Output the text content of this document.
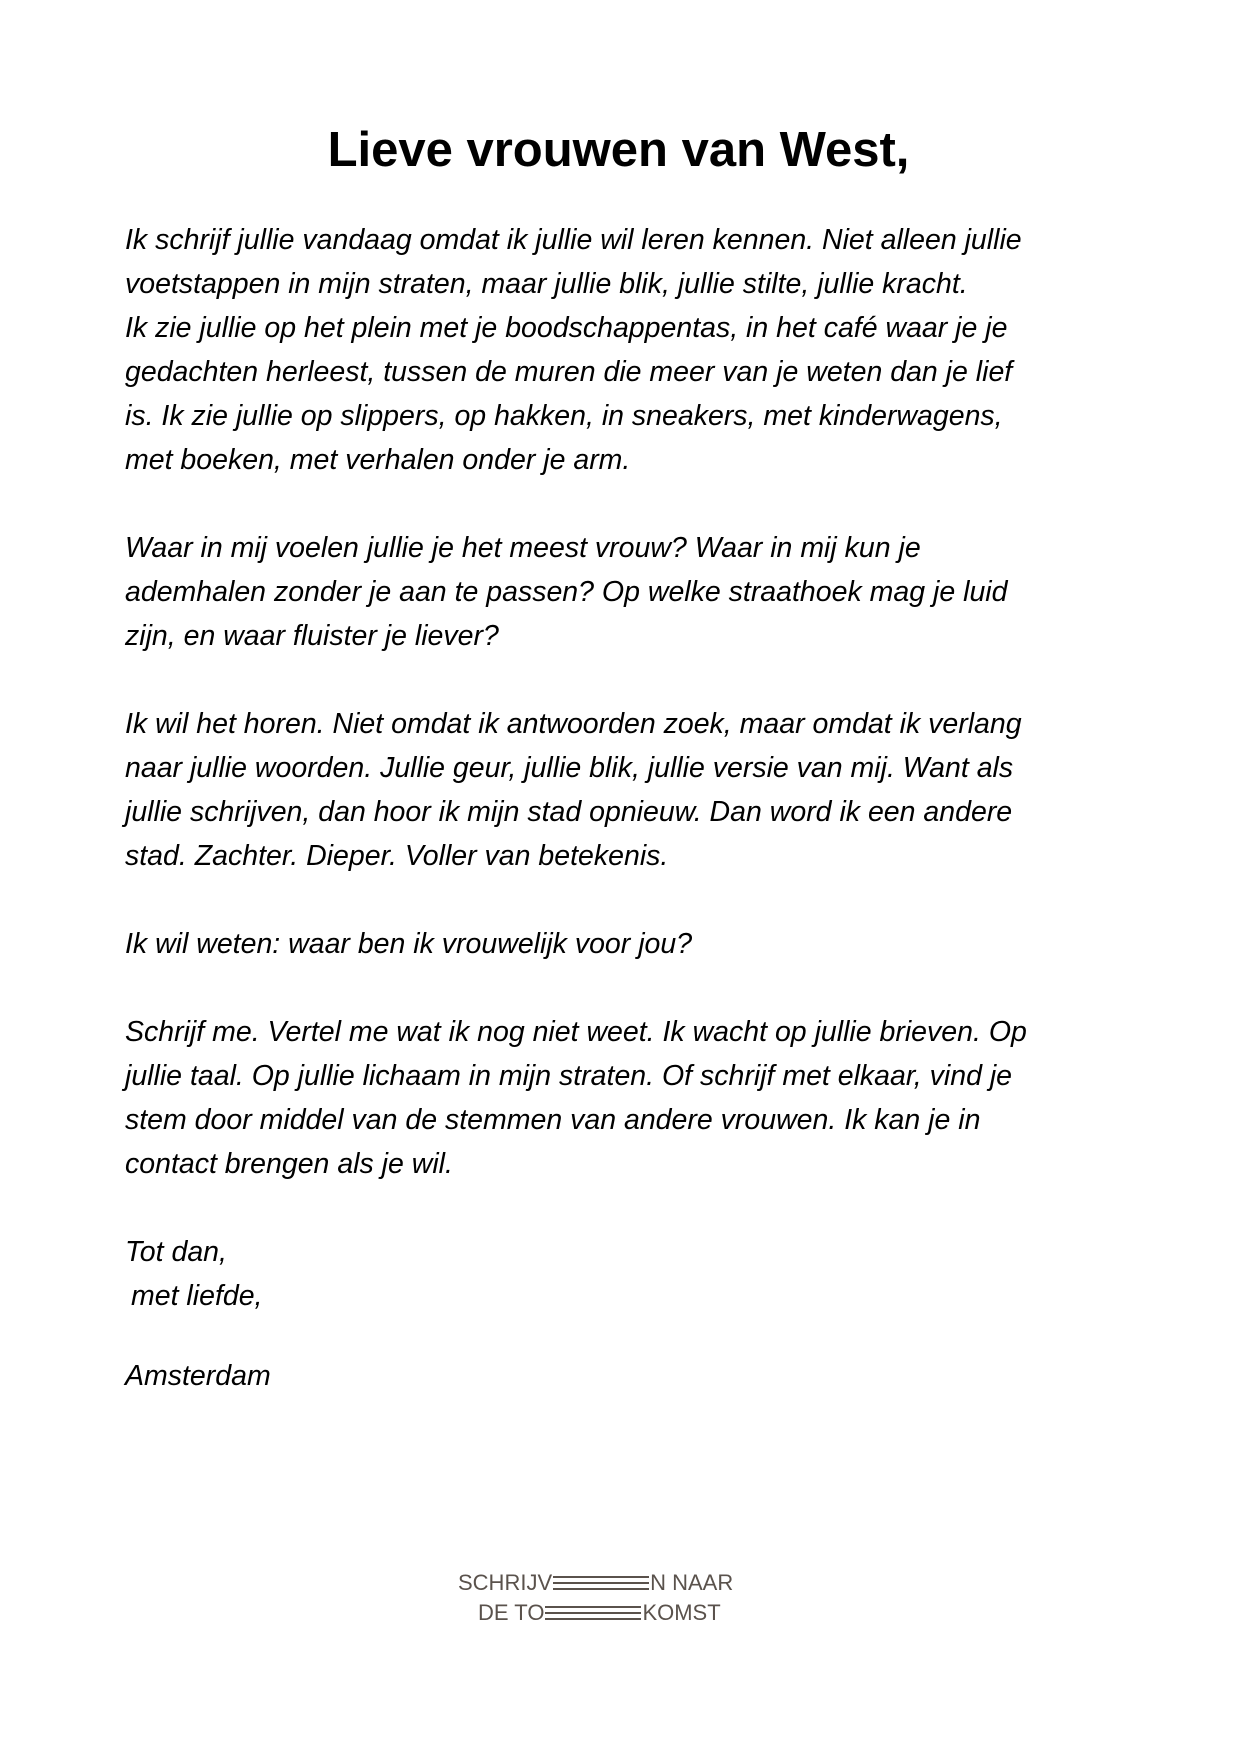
Lieve vrouwen van West,

Ik schrijf jullie vandaag omdat ik jullie wil leren kennen. Niet alleen jullie
voetstappen in mijn straten, maar jullie blik, jullie stilte, jullie kracht.
Ik zie jullie op het plein met je boodschappentas, in het café waar je je
gedachten herleest, tussen de muren die meer van je weten dan je lief
is. Ik zie jullie op slippers, op hakken, in sneakers, met kinderwagens,
met boeken, met verhalen onder je arm.

Waar in mij voelen jullie je het meest vrouw? Waar in mij kun je
ademhalen zonder je aan te passen? Op welke straathoek mag je luid
zijn, en waar fluister je liever?

Ik wil het horen. Niet omdat ik antwoorden zoek, maar omdat ik verlang
naar jullie woorden. Jullie geur, jullie blik, jullie versie van mij. Want als
jullie schrijven, dan hoor ik mijn stad opnieuw. Dan word ik een andere
stad. Zachter. Dieper. Voller van betekenis.

Ik wil weten: waar ben ik vrouwelijk voor jou?

Schrijf me. Vertel me wat ik nog niet weet. Ik wacht op jullie brieven. Op
jullie taal. Op jullie lichaam in mijn straten. Of schrijf met elkaar, vind je
stem door middel van de stemmen van andere vrouwen. Ik kan je in
contact brengen als je wil.

Tot dan,
met liefde,

Amsterdam

SCHRIJV	N NAAR
DE TO	KOMST
